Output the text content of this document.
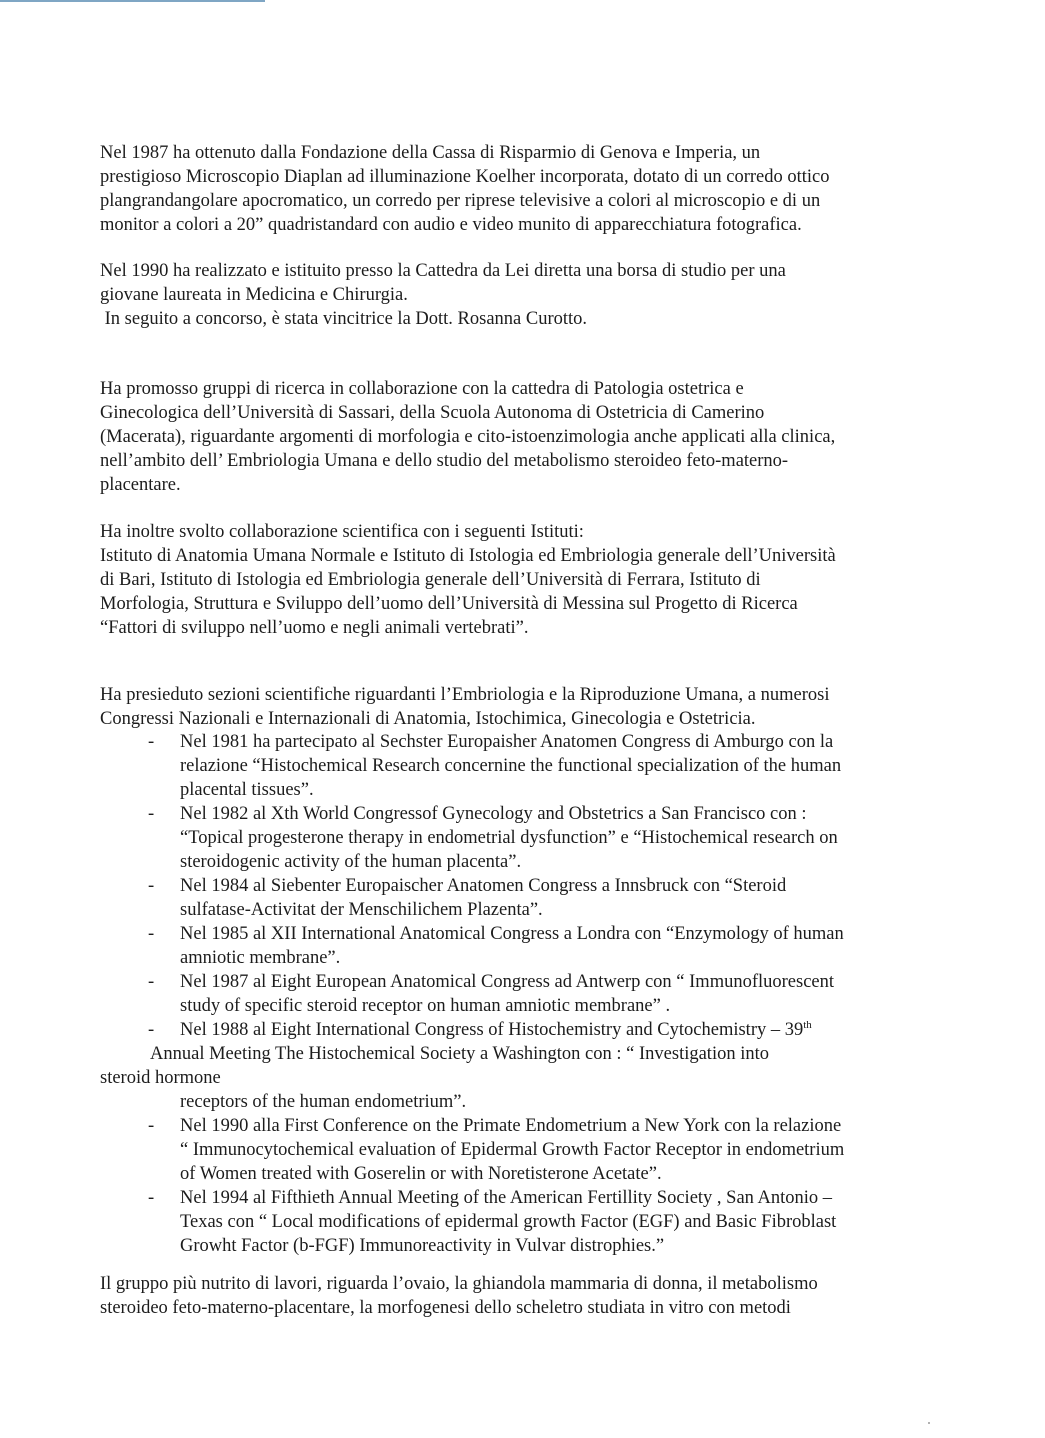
Nel 1987 ha ottenuto dalla Fondazione della Cassa di Risparmio di Genova e Imperia, un
prestigioso Microscopio Diaplan ad illuminazione Koelher incorporata, dotato di un corredo ottico
plangrandangolare apocromatico, un corredo per riprese televisive a colori al microscopio e di un
monitor a colori a 20” quadristandard con audio e video munito di apparecchiatura fotografica.
Nel 1990 ha realizzato e istituito presso la Cattedra da Lei diretta una borsa di studio per una
giovane laureata in Medicina e Chirurgia.
In seguito a concorso, è stata vincitrice la Dott. Rosanna Curotto.
Ha promosso gruppi di ricerca in collaborazione con la cattedra di Patologia ostetrica e
Ginecologica dell’Università di Sassari, della Scuola Autonoma di Ostetricia di Camerino
(Macerata), riguardante argomenti di morfologia e cito-istoenzimologia anche applicati alla clinica,
nell’ambito dell’ Embriologia Umana e dello studio del metabolismo steroideo feto-materno-
placentare.
Ha inoltre svolto collaborazione scientifica con i seguenti Istituti:
Istituto di Anatomia Umana Normale e Istituto di Istologia ed Embriologia generale dell’Università
di Bari, Istituto di Istologia ed Embriologia generale dell’Università di Ferrara, Istituto di
Morfologia, Struttura e Sviluppo dell’uomo dell’Università di Messina sul Progetto di Ricerca
“Fattori di sviluppo nell’uomo e negli animali vertebrati”.
Ha presieduto sezioni scientifiche riguardanti l’Embriologia e la Riproduzione Umana, a numerosi
Congressi Nazionali e Internazionali di Anatomia, Istochimica, Ginecologia e Ostetricia.
- Nel 1981 ha partecipato al Sechster Europaisher Anatomen Congress di Amburgo con la
relazione “Histochemical Research concernine the functional specialization of the human
placental tissues”.
- Nel 1982 al Xth World Congressof Gynecology and Obstetrics a San Francisco con :
“Topical progesterone therapy in endometrial dysfunction” e “Histochemical research on
steroidogenic activity of the human placenta”.
- Nel 1984 al Siebenter Europaischer Anatomen Congress a Innsbruck con “Steroid
sulfatase-Activitat der Menschilichem Plazenta”.
- Nel 1985 al XII International Anatomical Congress a Londra con “Enzymology of human
amniotic membrane”.
- Nel 1987 al Eight European Anatomical Congress ad Antwerp con “ Immunofluorescent
study of specific steroid receptor on human amniotic membrane” .
- Nel 1988 al Eight International Congress of Histochemistry and Cytochemistry – 39th
Annual Meeting The Histochemical Society a Washington con : “ Investigation into
steroid hormone
receptors of the human endometrium”.
- Nel 1990 alla First Conference on the Primate Endometrium a New York con la relazione
“ Immunocytochemical evaluation of Epidermal Growth Factor Receptor in endometrium
of Women treated with Goserelin or with Noretisterone Acetate”.
- Nel 1994 al Fifthieth Annual Meeting of the American Fertillity Society , San Antonio –
Texas con “ Local modifications of epidermal growth Factor (EGF) and Basic Fibroblast
Growht Factor (b-FGF) Immunoreactivity in Vulvar distrophies.”
Il gruppo più nutrito di lavori, riguarda l’ovaio, la ghiandola mammaria di donna, il metabolismo
steroideo feto-materno-placentare, la morfogenesi dello scheletro studiata in vitro con metodi
